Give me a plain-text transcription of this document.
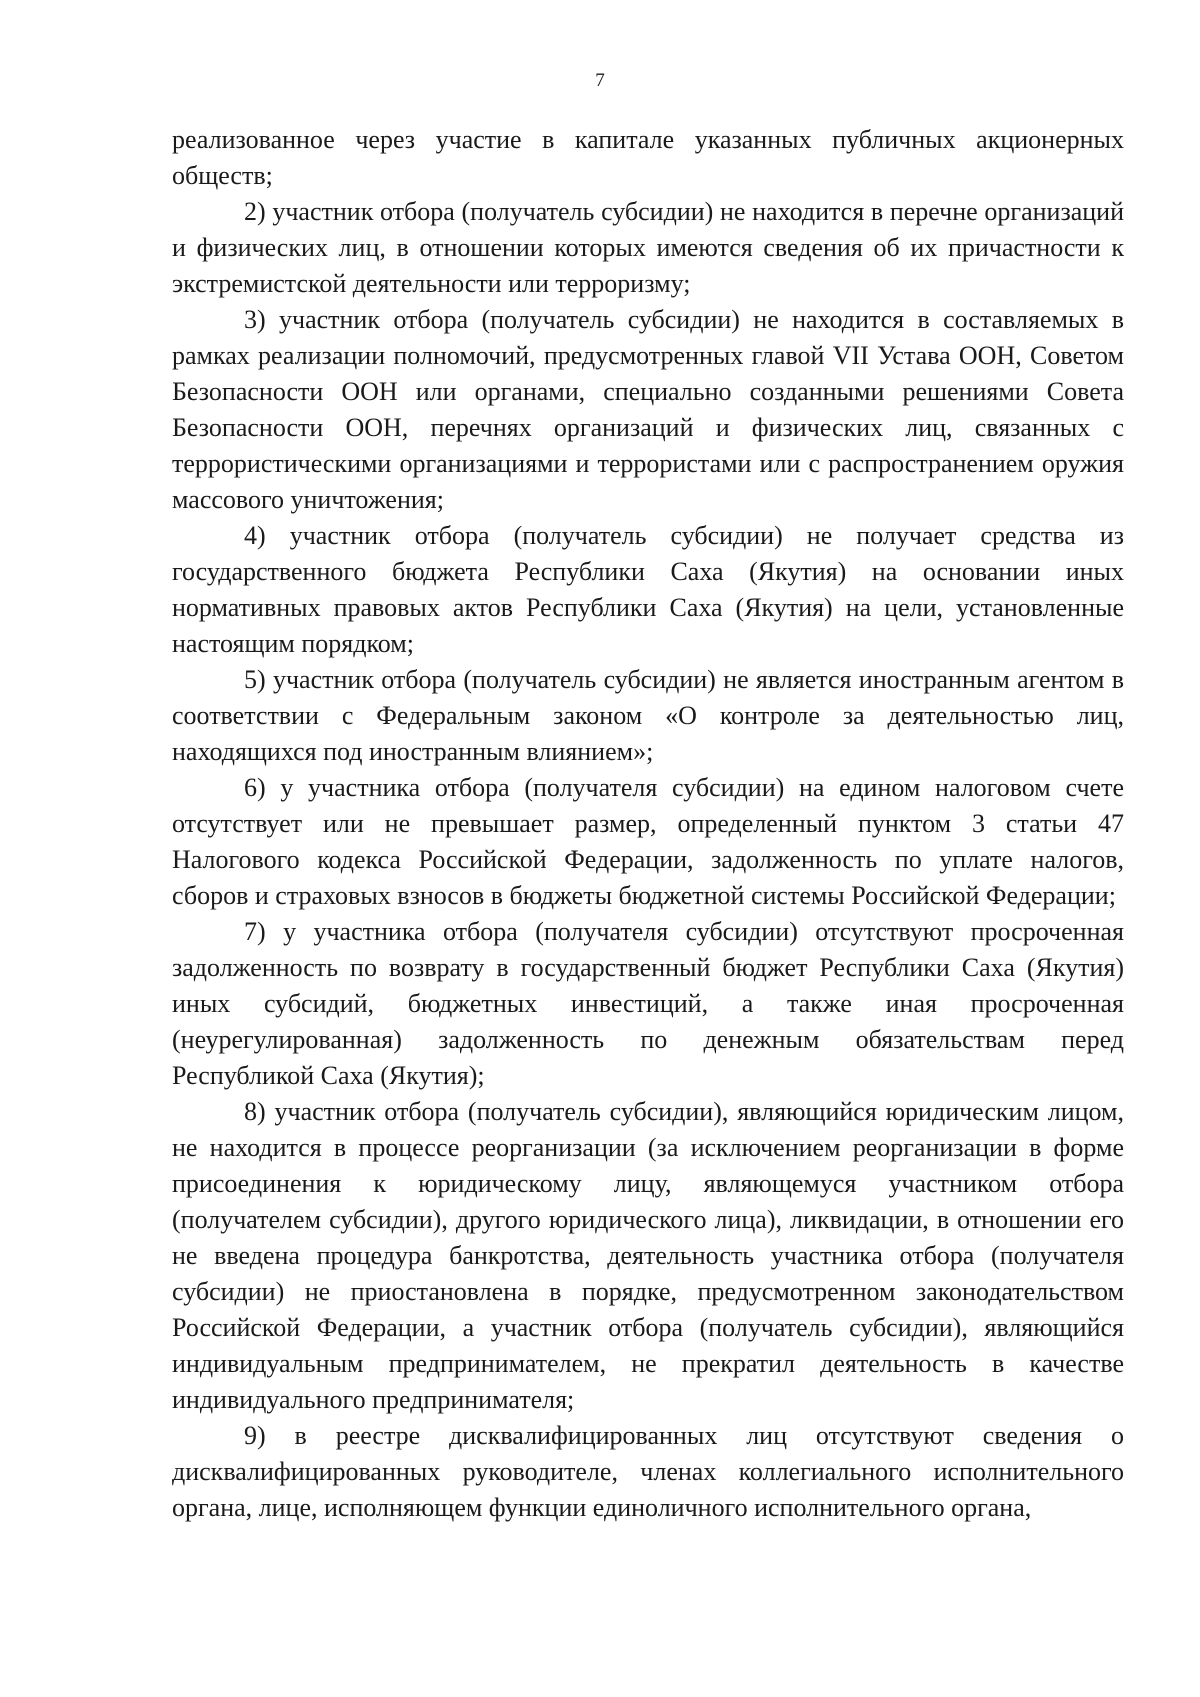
7

реализованное через участие в капитале указанных публичных акционерных обществ;

2) участник отбора (получатель субсидии) не находится в перечне организаций и физических лиц, в отношении которых имеются сведения об их причастности к экстремистской деятельности или терроризму;

3) участник отбора (получатель субсидии) не находится в составляемых в рамках реализации полномочий, предусмотренных главой VII Устава ООН, Советом Безопасности ООН или органами, специально созданными решениями Совета Безопасности ООН, перечнях организаций и физических лиц, связанных с террористическими организациями и террористами или с распространением оружия массового уничтожения;

4) участник отбора (получатель субсидии) не получает средства из государственного бюджета Республики Саха (Якутия) на основании иных нормативных правовых актов Республики Саха (Якутия) на цели, установленные настоящим порядком;

5) участник отбора (получатель субсидии) не является иностранным агентом в соответствии с Федеральным законом «О контроле за деятельностью лиц, находящихся под иностранным влиянием»;

6) у участника отбора (получателя субсидии) на едином налоговом счете отсутствует или не превышает размер, определенный пунктом 3 статьи 47 Налогового кодекса Российской Федерации, задолженность по уплате налогов, сборов и страховых взносов в бюджеты бюджетной системы Российской Федерации;

7) у участника отбора (получателя субсидии) отсутствуют просроченная задолженность по возврату в государственный бюджет Республики Саха (Якутия) иных субсидий, бюджетных инвестиций, а также иная просроченная (неурегулированная) задолженность по денежным обязательствам перед Республикой Саха (Якутия);

8) участник отбора (получатель субсидии), являющийся юридическим лицом, не находится в процессе реорганизации (за исключением реорганизации в форме присоединения к юридическому лицу, являющемуся участником отбора (получателем субсидии), другого юридического лица), ликвидации, в отношении его не введена процедура банкротства, деятельность участника отбора (получателя субсидии) не приостановлена в порядке, предусмотренном законодательством Российской Федерации, а участник отбора (получатель субсидии), являющийся индивидуальным предпринимателем, не прекратил деятельность в качестве индивидуального предпринимателя;

9) в реестре дисквалифицированных лиц отсутствуют сведения о дисквалифицированных руководителе, членах коллегиального исполнительного органа, лице, исполняющем функции единоличного исполнительного органа,
